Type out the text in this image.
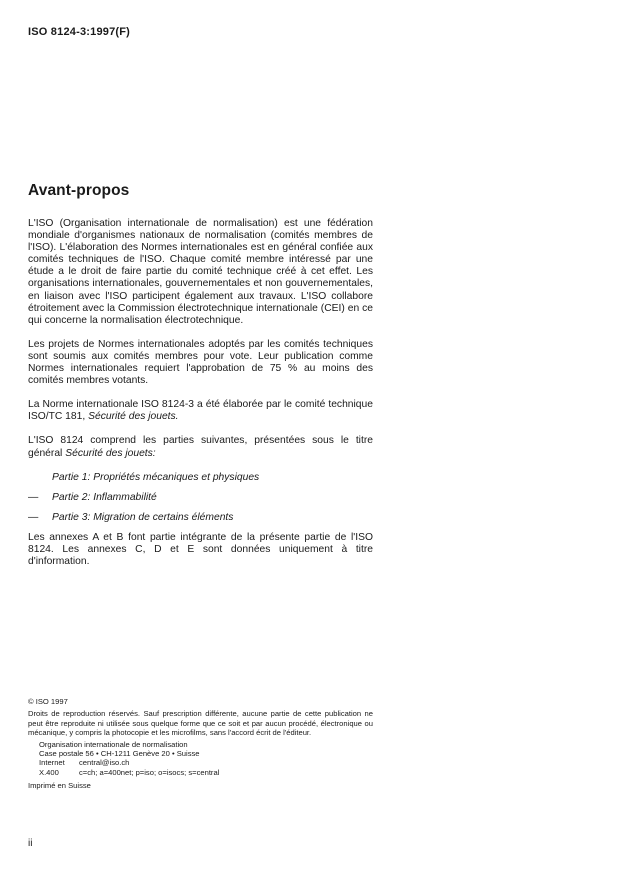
ISO 8124-3:1997(F)
Avant-propos

L'ISO (Organisation internationale de normalisation) est une fédération mondiale d'organismes nationaux de normalisation (comités membres de l'ISO). L'élaboration des Normes internationales est en général confiée aux comités techniques de l'ISO. Chaque comité membre intéressé par une étude a le droit de faire partie du comité technique créé à cet effet. Les organisations internationales, gouvernementales et non gouvernementales, en liaison avec l'ISO participent également aux travaux. L'ISO collabore étroitement avec la Commission électrotechnique internationale (CEI) en ce qui concerne la normalisation électrotechnique.

Les projets de Normes internationales adoptés par les comités techniques sont soumis aux comités membres pour vote. Leur publication comme Normes internationales requiert l'approbation de 75 % au moins des comités membres votants.

La Norme internationale ISO 8124-3 a été élaborée par le comité technique ISO/TC 181, Sécurité des jouets.

L'ISO 8124 comprend les parties suivantes, présentées sous le titre général Sécurité des jouets:

Partie 1: Propriétés mécaniques et physiques
—	Partie 2: Inflammabilité
—	Partie 3: Migration de certains éléments

Les annexes A et B font partie intégrante de la présente partie de l'ISO 8124. Les annexes C, D et E sont données uniquement à titre d'information.

© ISO 1997

Droits de reproduction réservés. Sauf prescription différente, aucune partie de cette publication ne peut être reproduite ni utilisée sous quelque forme que ce soit et par aucun procédé, électronique ou mécanique, y compris la photocopie et les microfilms, sans l'accord écrit de l'éditeur.

Organisation internationale de normalisation

Case postale 56 • CH-1211 Genève 20 • Suisse

Internet	central@iso.ch
X.400	c=ch; a=400net; p=iso; o=isocs; s=central

Imprimé en Suisse

ii
